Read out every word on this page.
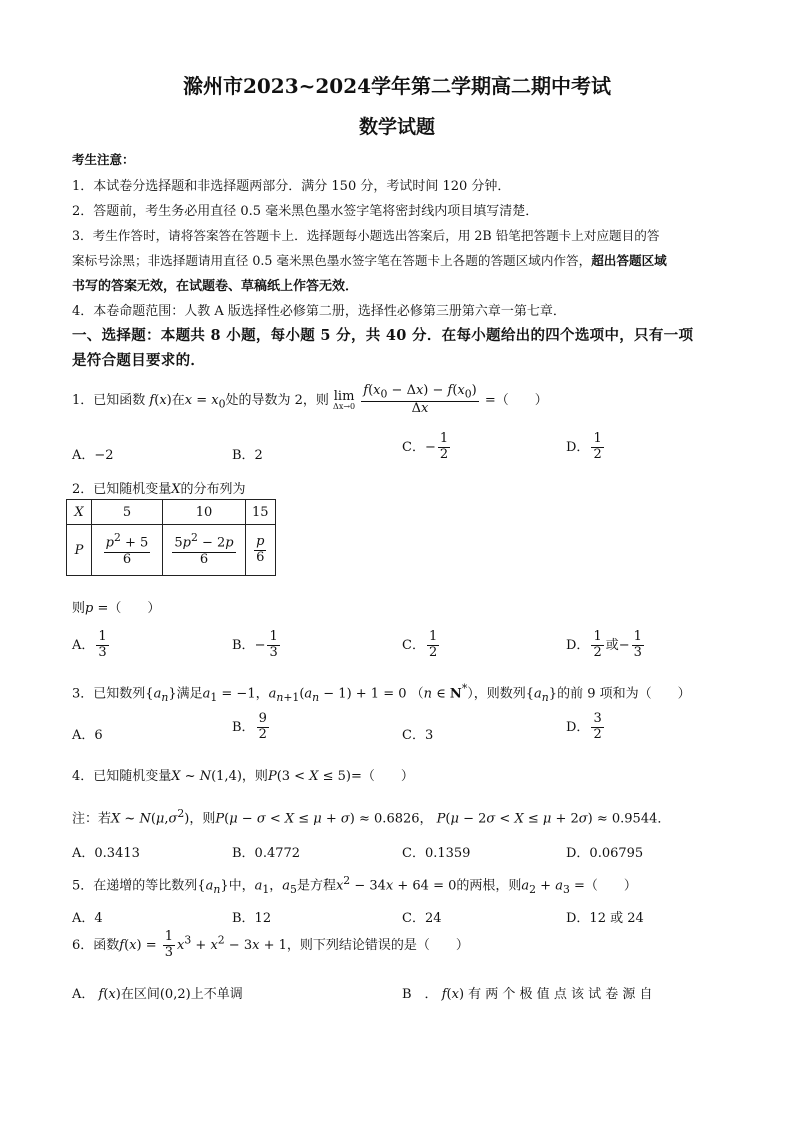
滁州市2023~2024学年第二学期高二期中考试
数学试题
考生注意：
1．本试卷分选择题和非选择题两部分．满分 150 分，考试时间 120 分钟．
2．答题前，考生务必用直径 0.5 毫米黑色墨水签字笔将密封线内项目填写清楚．
3．考生作答时，请将答案答在答题卡上．选择题每小题选出答案后，用 2B 铅笔把答题卡上对应题目的答
案标号涂黑；非选择题请用直径 0.5 毫米黑色墨水签字笔在答题卡上各题的答题区域内作答，超出答题区域
书写的答案无效，在试题卷、草稿纸上作答无效．
4．本卷命题范围：人教 A 版选择性必修第二册，选择性必修第三册第六章一第七章．
一、选择题：本题共 8 小题，每小题 5 分，共 40 分．在每小题给出的四个选项中，只有一项
是符合题目要求的．
1．已知函数 f(x)在$x = x_0$处的导数为 2，则 lim
Δx→0
$\frac{f(x_0 - \Delta x) - f(x_0)}{\Delta x}$ =（　　）
A．−2	B．2
C．− $\frac{1}{2}$	D． $\frac{1}{2}$
2．已知随机变量X的分布列为
X	5	10	15
P	$\frac{p^2 + 5}{6}$	$\frac{5p^2 - 2p}{6}$	$\frac{p}{6}$
则p =（　　）
A． $\frac{1}{3}$	B．− $\frac{1}{3}$	C． $\frac{1}{2}$	D． $\frac{1}{2}$ 或− $\frac{1}{3}$
3．已知数列$\{a_n\}$满足$a_1 = -1$，$a_{n+1}(a_n - 1) + 1 = 0$ （n ∈ N*），则数列$\{a_n\}$的前 9 项和为（　　）
A．6
B． $\frac{9}{2}$	C．3
D． $\frac{3}{2}$
4．已知随机变量X ~ N(1,4)，则P(3 < X ≤ 5)=（　　）
注：若X ~ $N(\mu,\sigma^2)$，则P(μ − σ < X ≤ μ + σ) ≈ 0.6826， P(μ − 2σ < X ≤ μ + 2σ) ≈ 0.9544．
A．0.3413	B．0.4772	C．0.1359	D．0.06795
5．在递增的等比数列$\{a_n\}$中，$a_1$，$a_5$是方程$x^2 - 34x + 64 = 0$的两根，则$a_2 + a_3$ =（　　）
A．4	B．12	C．24	D．12 或 24
6．函数$f(x) = \frac{1}{3} x^3 + x^2 - 3x + 1$，则下列结论错误的是（　　）
A． f(x)在区间(0,2)上不单调	B　． f(x) 有 两 个 极 值 点 该 试 卷 源 自
